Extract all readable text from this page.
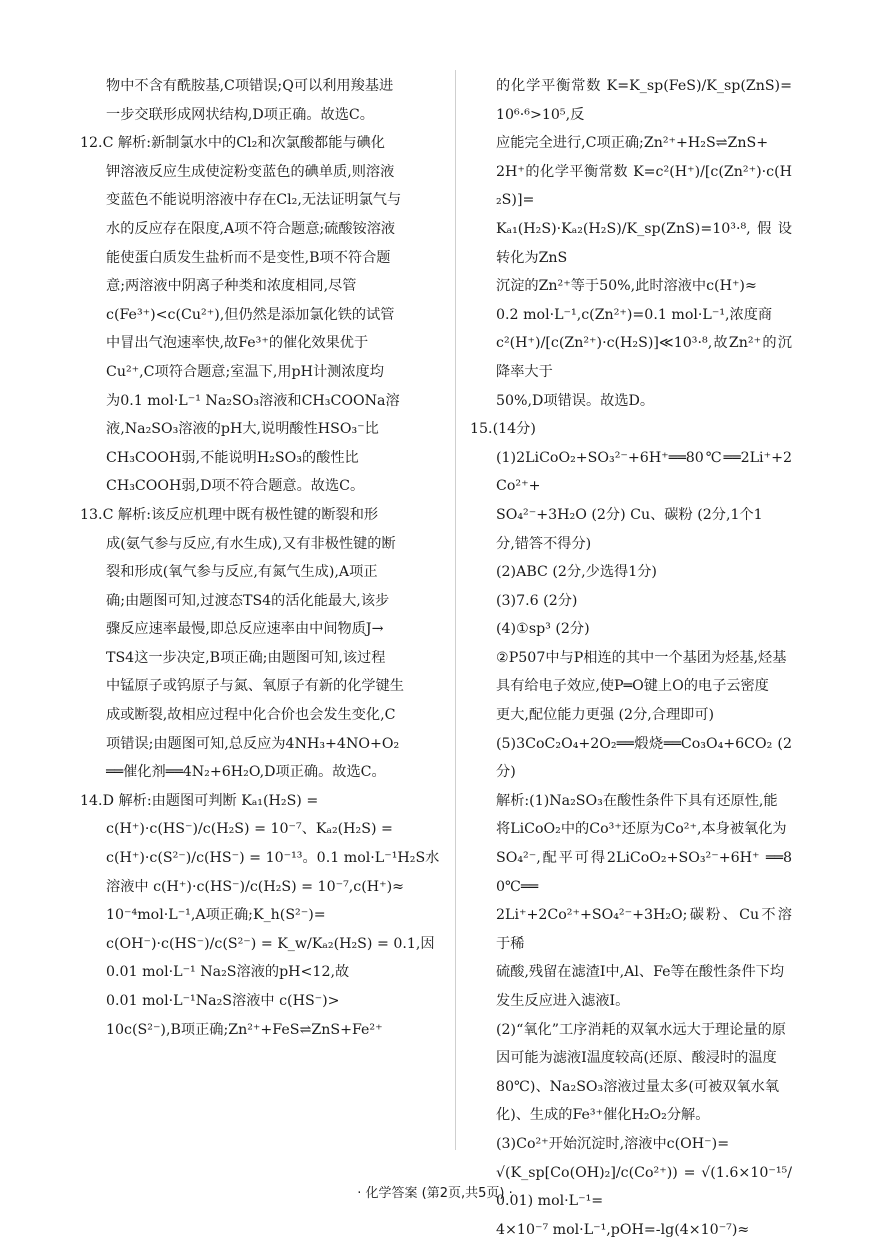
物中不含有酰胺基,C项错误;Q可以利用羧基进

一步交联形成网状结构,D项正确。故选C。

12.C 解析:新制氯水中的Cl₂和次氯酸都能与碘化

钾溶液反应生成使淀粉变蓝色的碘单质,则溶液

变蓝色不能说明溶液中存在Cl₂,无法证明氯气与

水的反应存在限度,A项不符合题意;硫酸铵溶液

能使蛋白质发生盐析而不是变性,B项不符合题

意;两溶液中阴离子种类和浓度相同,尽管

c(Fe³⁺)<c(Cu²⁺),但仍然是添加氯化铁的试管

中冒出气泡速率快,故Fe³⁺的催化效果优于

Cu²⁺,C项符合题意;室温下,用pH计测浓度均

为0.1 mol·L⁻¹ Na₂SO₃溶液和CH₃COONa溶

液,Na₂SO₃溶液的pH大,说明酸性HSO₃⁻比

CH₃COOH弱,不能说明H₂SO₃的酸性比

CH₃COOH弱,D项不符合题意。故选C。

13.C 解析:该反应机理中既有极性键的断裂和形

成(氨气参与反应,有水生成),又有非极性键的断

裂和形成(氧气参与反应,有氮气生成),A项正

确;由题图可知,过渡态TS4的活化能最大,该步

骤反应速率最慢,即总反应速率由中间物质J→

TS4这一步决定,B项正确;由题图可知,该过程

中锰原子或钨原子与氮、氧原子有新的化学键生

成或断裂,故相应过程中化合价也会发生变化,C

项错误;由题图可知,总反应为4NH₃+4NO+O₂

══催化剂══4N₂+6H₂O,D项正确。故选C。

14.D 解析:由题图可判断 Kₐ₁(H₂S) =

c(H⁺)·c(HS⁻)/c(H₂S) = 10⁻⁷、Kₐ₂(H₂S) =

c(H⁺)·c(S²⁻)/c(HS⁻) = 10⁻¹³。0.1 mol·L⁻¹H₂S水

溶液中 c(H⁺)·c(HS⁻)/c(H₂S) = 10⁻⁷,c(H⁺)≈

10⁻⁴mol·L⁻¹,A项正确;K_h(S²⁻)=

c(OH⁻)·c(HS⁻)/c(S²⁻) = K_w/Kₐ₂(H₂S) = 0.1,因

0.01 mol·L⁻¹ Na₂S溶液的pH<12,故

0.01 mol·L⁻¹Na₂S溶液中 c(HS⁻)>

10c(S²⁻),B项正确;Zn²⁺+FeS⇌ZnS+Fe²⁺

的化学平衡常数 K=K_sp(FeS)/K_sp(ZnS)=10⁶·⁶>10⁵,反

应能完全进行,C项正确;Zn²⁺+H₂S⇌ZnS+

2H⁺的化学平衡常数 K=c²(H⁺)/[c(Zn²⁺)·c(H₂S)]=

Kₐ₁(H₂S)·Kₐ₂(H₂S)/K_sp(ZnS)=10³·⁸,假设转化为ZnS

沉淀的Zn²⁺等于50%,此时溶液中c(H⁺)≈

0.2 mol·L⁻¹,c(Zn²⁺)=0.1 mol·L⁻¹,浓度商

c²(H⁺)/[c(Zn²⁺)·c(H₂S)]≪10³·⁸,故Zn²⁺的沉降率大于

50%,D项错误。故选D。

15.(14分)

(1)2LiCoO₂+SO₃²⁻+6H⁺══80℃══2Li⁺+2Co²⁺+

SO₄²⁻+3H₂O (2分) Cu、碳粉 (2分,1个1

分,错答不得分)

(2)ABC (2分,少选得1分)

(3)7.6 (2分)

(4)①sp³ (2分)

②P507中与P相连的其中一个基团为烃基,烃基

具有给电子效应,使P═O键上O的电子云密度

更大,配位能力更强 (2分,合理即可)

(5)3CoC₂O₄+2O₂══煅烧══Co₃O₄+6CO₂ (2分)

解析:(1)Na₂SO₃在酸性条件下具有还原性,能

将LiCoO₂中的Co³⁺还原为Co²⁺,本身被氧化为

SO₄²⁻,配平可得2LiCoO₂+SO₃²⁻+6H⁺ ══80℃══

2Li⁺+2Co²⁺+SO₄²⁻+3H₂O;碳粉、Cu不溶于稀

硫酸,残留在滤渣Ⅰ中,Al、Fe等在酸性条件下均

发生反应进入滤液Ⅰ。

(2)“氧化”工序消耗的双氧水远大于理论量的原

因可能为滤液Ⅰ温度较高(还原、酸浸时的温度

80℃)、Na₂SO₃溶液过量太多(可被双氧水氧

化)、生成的Fe³⁺催化H₂O₂分解。

(3)Co²⁺开始沉淀时,溶液中c(OH⁻)=

√(K_sp[Co(OH)₂]/c(Co²⁺)) = √(1.6×10⁻¹⁵/0.01) mol·L⁻¹=

4×10⁻⁷ mol·L⁻¹,pOH=-lg(4×10⁻⁷)≈

· 化学答案 (第2页,共5页) ·
